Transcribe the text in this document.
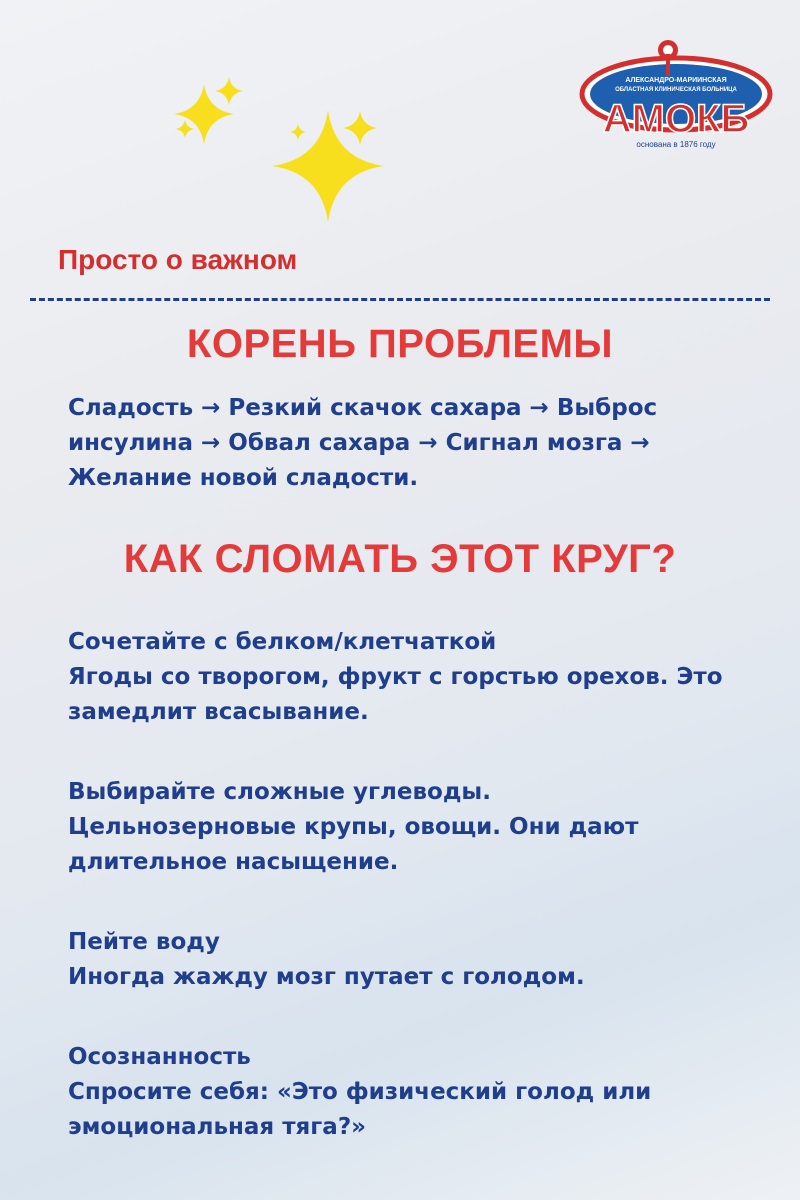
АЛЕКСАНДРО-МАРИИНСКАЯ
ОБЛАСТНАЯ КЛИНИЧЕСКАЯ БОЛЬНИЦА
АМОКБ
основана в 1876 году

Просто о важном

КОРЕНЬ ПРОБЛЕМЫ

Сладость → Резкий скачок сахара → Выброс
инсулина → Обвал сахара → Сигнал мозга →
Желание новой сладости.

КАК СЛОМАТЬ ЭТОТ КРУГ?
Сочетайте с белком/клетчаткой
Ягоды со творогом, фрукт с горстью орехов. Это
замедлит всасывание.
Выбирайте сложные углеводы.
Цельнозерновые крупы, овощи. Они дают
длительное насыщение.
Пейте воду
Иногда жажду мозг путает с голодом.
Осознанность
Спросите себя: «Это физический голод или
эмоциональная тяга?»
